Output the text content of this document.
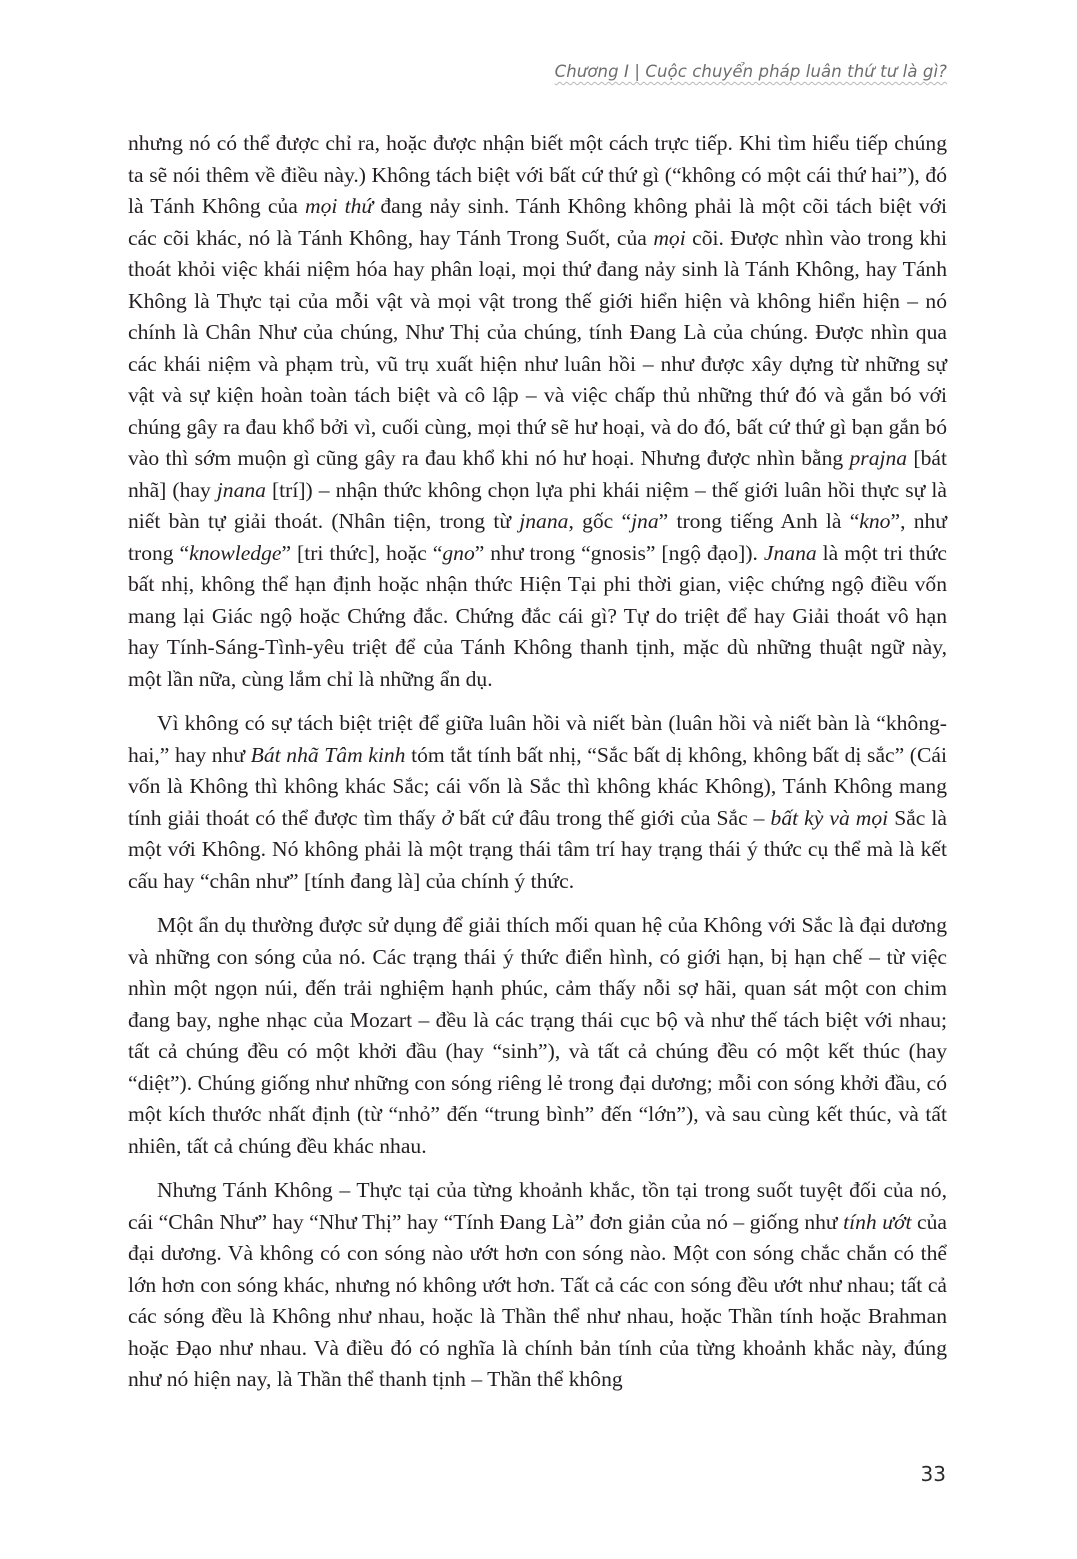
Chương I | Cuộc chuyển pháp luân thứ tư là gì?

nhưng nó có thể được chỉ ra, hoặc được nhận biết một cách trực tiếp. Khi tìm hiểu tiếp chúng ta sẽ nói thêm về điều này.) Không tách biệt với bất cứ thứ gì (“không có một cái thứ hai”), đó là Tánh Không của mọi thứ đang nảy sinh. Tánh Không không phải là một cõi tách biệt với các cõi khác, nó là Tánh Không, hay Tánh Trong Suốt, của mọi cõi. Được nhìn vào trong khi thoát khỏi việc khái niệm hóa hay phân loại, mọi thứ đang nảy sinh là Tánh Không, hay Tánh Không là Thực tại của mỗi vật và mọi vật trong thế giới hiển hiện và không hiển hiện – nó chính là Chân Như của chúng, Như Thị của chúng, tính Đang Là của chúng. Được nhìn qua các khái niệm và phạm trù, vũ trụ xuất hiện như luân hồi – như được xây dựng từ những sự vật và sự kiện hoàn toàn tách biệt và cô lập – và việc chấp thủ những thứ đó và gắn bó với chúng gây ra đau khổ bởi vì, cuối cùng, mọi thứ sẽ hư hoại, và do đó, bất cứ thứ gì bạn gắn bó vào thì sớm muộn gì cũng gây ra đau khổ khi nó hư hoại. Nhưng được nhìn bằng prajna [bát nhã] (hay jnana [trí]) – nhận thức không chọn lựa phi khái niệm – thế giới luân hồi thực sự là niết bàn tự giải thoát. (Nhân tiện, trong từ jnana, gốc “jna” trong tiếng Anh là “kno”, như trong “knowledge” [tri thức], hoặc “gno” như trong “gnosis” [ngộ đạo]). Jnana là một tri thức bất nhị, không thể hạn định hoặc nhận thức Hiện Tại phi thời gian, việc chứng ngộ điều vốn mang lại Giác ngộ hoặc Chứng đắc. Chứng đắc cái gì? Tự do triệt để hay Giải thoát vô hạn hay Tính-Sáng-Tình-yêu triệt để của Tánh Không thanh tịnh, mặc dù những thuật ngữ này, một lần nữa, cùng lắm chỉ là những ẩn dụ.

Vì không có sự tách biệt triệt để giữa luân hồi và niết bàn (luân hồi và niết bàn là “không-hai,” hay như Bát nhã Tâm kinh tóm tắt tính bất nhị, “Sắc bất dị không, không bất dị sắc” (Cái vốn là Không thì không khác Sắc; cái vốn là Sắc thì không khác Không), Tánh Không mang tính giải thoát có thể được tìm thấy ở bất cứ đâu trong thế giới của Sắc – bất kỳ và mọi Sắc là một với Không. Nó không phải là một trạng thái tâm trí hay trạng thái ý thức cụ thể mà là kết cấu hay “chân như” [tính đang là] của chính ý thức.

Một ẩn dụ thường được sử dụng để giải thích mối quan hệ của Không với Sắc là đại dương và những con sóng của nó. Các trạng thái ý thức điển hình, có giới hạn, bị hạn chế – từ việc nhìn một ngọn núi, đến trải nghiệm hạnh phúc, cảm thấy nỗi sợ hãi, quan sát một con chim đang bay, nghe nhạc của Mozart – đều là các trạng thái cục bộ và như thế tách biệt với nhau; tất cả chúng đều có một khởi đầu (hay “sinh”), và tất cả chúng đều có một kết thúc (hay “diệt”). Chúng giống như những con sóng riêng lẻ trong đại dương; mỗi con sóng khởi đầu, có một kích thước nhất định (từ “nhỏ” đến “trung bình” đến “lớn”), và sau cùng kết thúc, và tất nhiên, tất cả chúng đều khác nhau.

Nhưng Tánh Không – Thực tại của từng khoảnh khắc, tồn tại trong suốt tuyệt đối của nó, cái “Chân Như” hay “Như Thị” hay “Tính Đang Là” đơn giản của nó – giống như tính ướt của đại dương. Và không có con sóng nào ướt hơn con sóng nào. Một con sóng chắc chắn có thể lớn hơn con sóng khác, nhưng nó không ướt hơn. Tất cả các con sóng đều ướt như nhau; tất cả các sóng đều là Không như nhau, hoặc là Thần thể như nhau, hoặc Thần tính hoặc Brahman hoặc Đạo như nhau. Và điều đó có nghĩa là chính bản tính của từng khoảnh khắc này, đúng như nó hiện nay, là Thần thể thanh tịnh – Thần thể không

33
